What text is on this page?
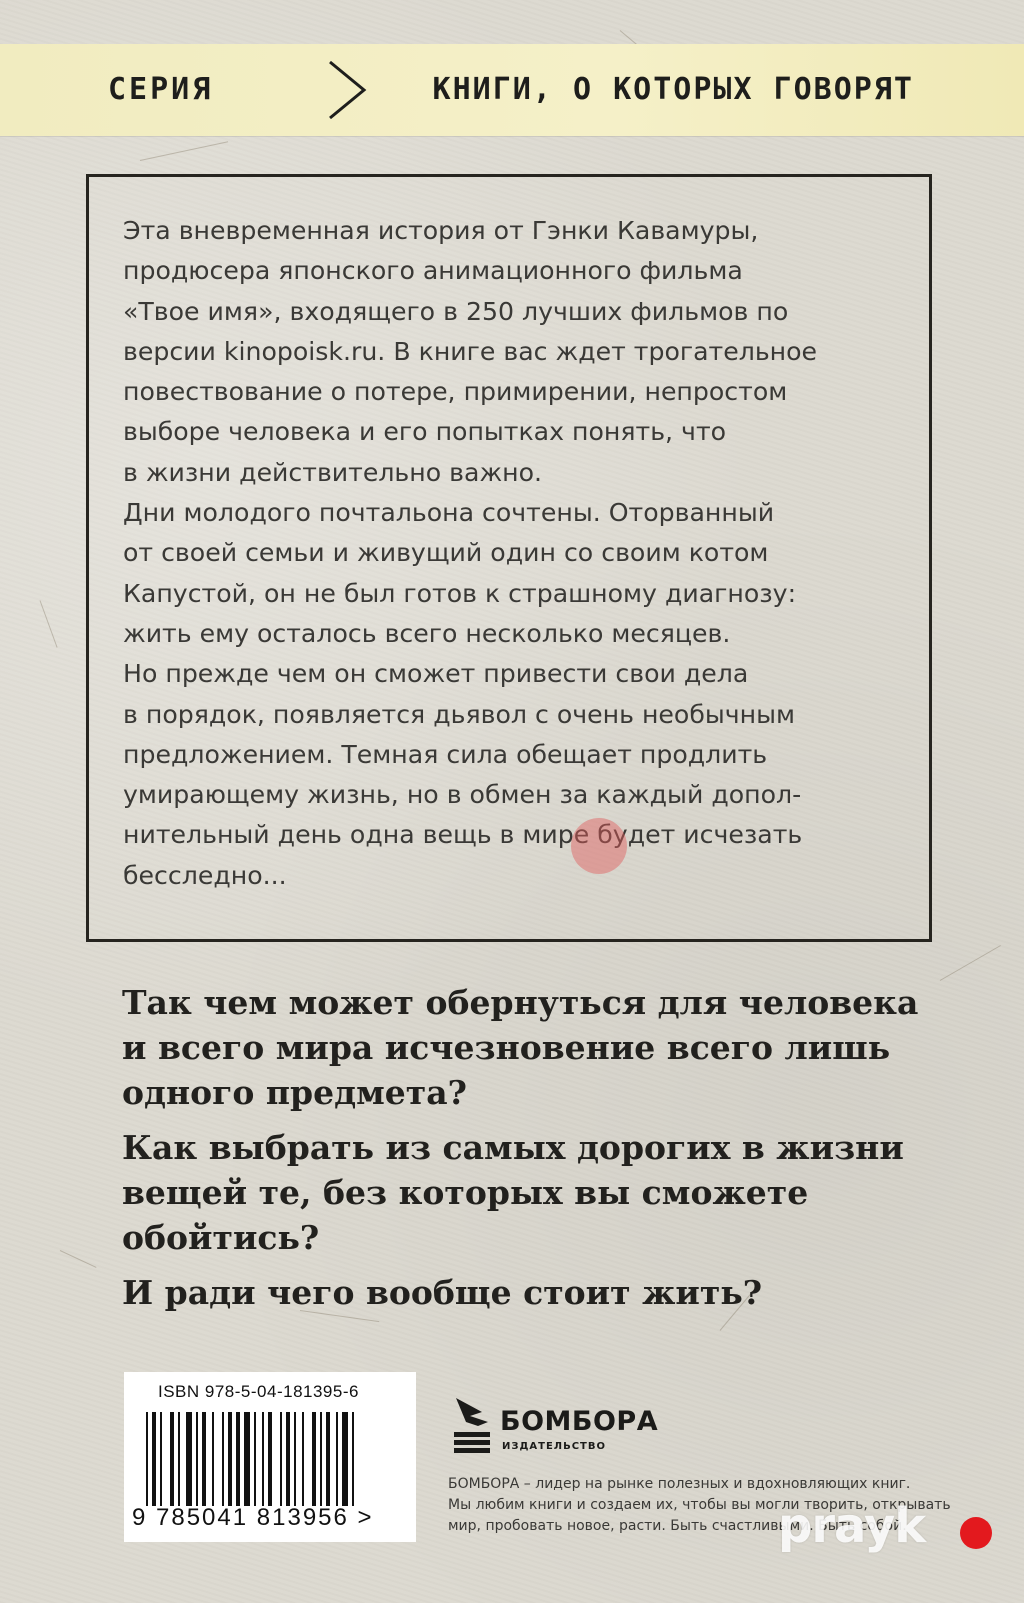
СЕРИЯ	КНИГИ, О КОТОРЫХ ГОВОРЯТ

Эта вневременная история от Гэнки Кавамуры,
продюсера японского анимационного фильма
«Твое имя», входящего в 250 лучших фильмов по
версии kinopoisk.ru. В книге вас ждет трогательное
повествование о потере, примирении, непростом
выборе человека и его попытках понять, что
в жизни действительно важно.
Дни молодого почтальона сочтены. Оторванный
от своей семьи и живущий один со своим котом
Капустой, он не был готов к страшному диагнозу:
жить ему осталось всего несколько месяцев.
Но прежде чем он сможет привести свои дела
в порядок, появляется дьявол с очень необычным
предложением. Темная сила обещает продлить
умирающему жизнь, но в обмен за каждый допол-
нительный день одна вещь в мире будет исчезать
бесследно...

Так чем может обернуться для человека
и всего мира исчезновение всего лишь
одного предмета?

Как выбрать из самых дорогих в жизни
вещей те, без которых вы сможете
обойтись?

И ради чего вообще стоит жить?

ISBN 978-5-04-181395-6
9 785041 813956 >
БОМБОРА
ИЗДАТЕЛЬСТВО

БОМБОРА – лидер на рынке полезных и вдохновляющих книг.
Мы любим книги и создаем их, чтобы вы могли творить, открывать
мир, пробовать новое, расти. Быть счастливыми. Быть собой.

prayk
